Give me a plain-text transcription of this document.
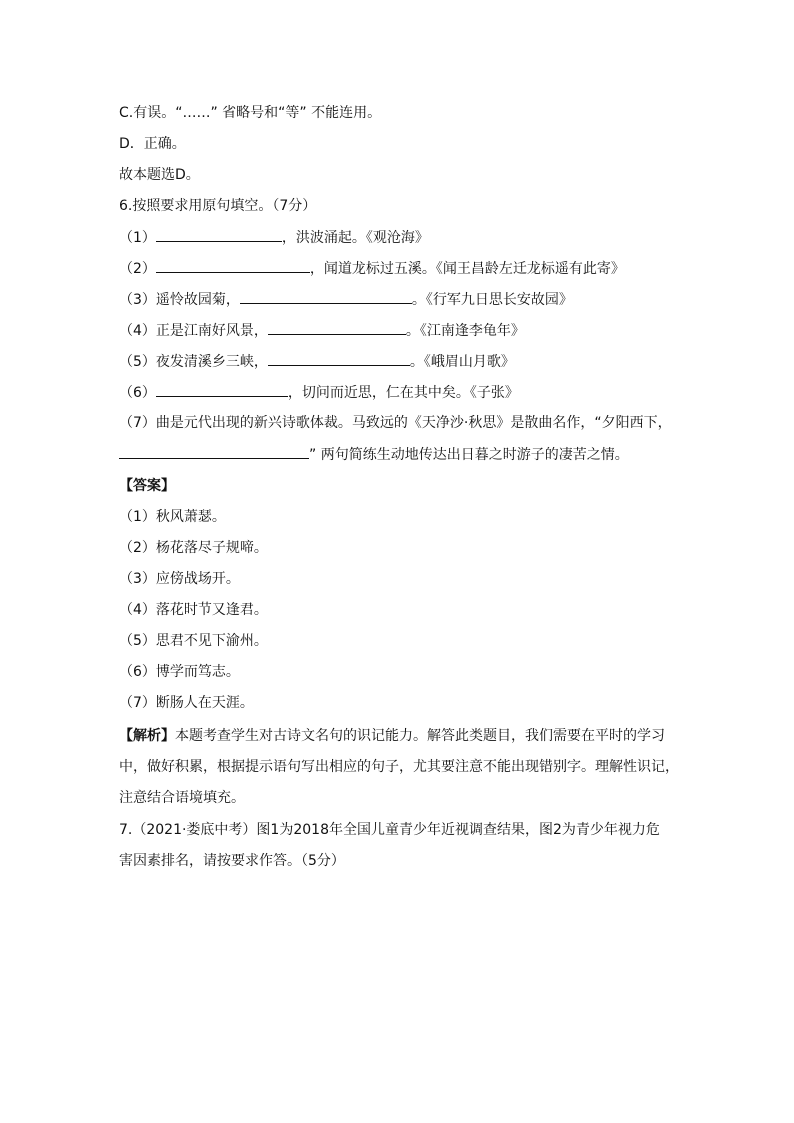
C.有误。“……” 省略号和“等” 不能连用。
D．正确。
故本题选D。
6.按照要求用原句填空。（7分）
（1）	，洪波涌起。《观沧海》
（2）	，闻道龙标过五溪。《闻王昌龄左迁龙标遥有此寄》
（3）遥怜故园菊，	。《行军九日思长安故园》
（4）正是江南好风景，	。《江南逢李龟年》
（5）夜发清溪乡三峡，	。《峨眉山月歌》
（6）	，切问而近思，仁在其中矣。《子张》
（7）曲是元代出现的新兴诗歌体裁。马致远的《天净沙·秋思》是散曲名作，“夕阳西下，
” 两句简练生动地传达出日暮之时游子的凄苦之情。
【答案】
（1）秋风萧瑟。
（2）杨花落尽子规啼。
（3）应傍战场开。
（4）落花时节又逢君。
（5）思君不见下渝州。
（6）博学而笃志。
（7）断肠人在天涯。
【解析】本题考查学生对古诗文名句的识记能力。解答此类题目，我们需要在平时的学习
中，做好积累，根据提示语句写出相应的句子，尤其要注意不能出现错别字。理解性识记，
注意结合语境填充。
7.（2021·娄底中考）图1为2018年全国儿童青少年近视调查结果，图2为青少年视力危
害因素排名，请按要求作答。（5分）
